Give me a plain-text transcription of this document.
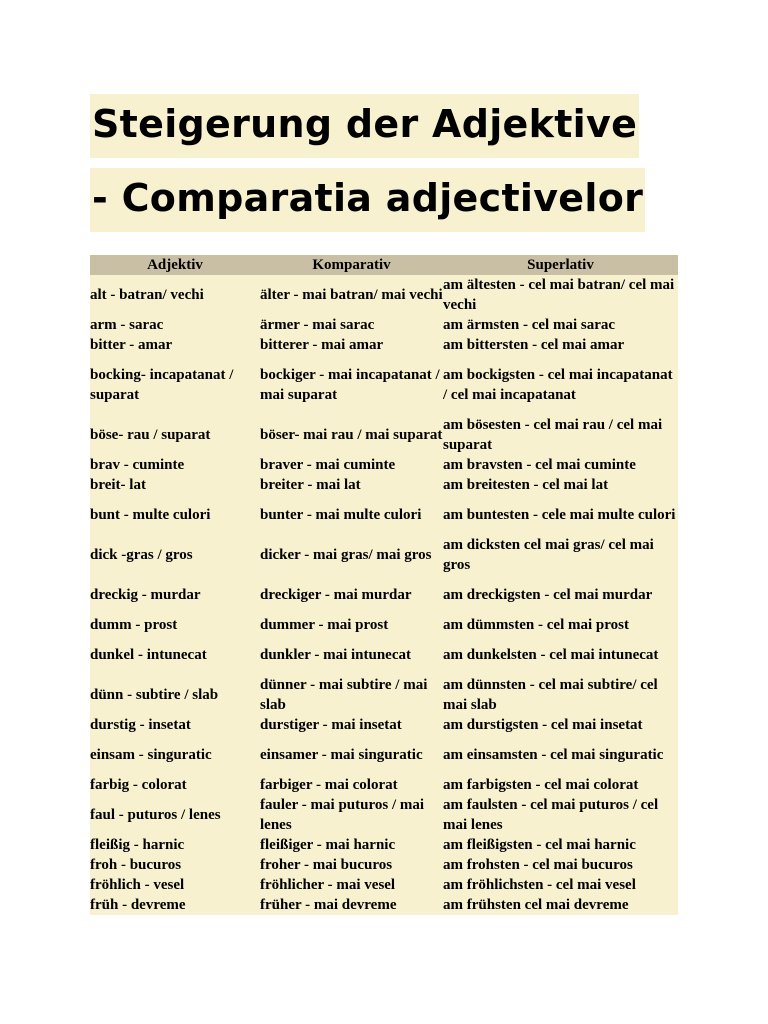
Steigerung der Adjektive
- Comparatia adjectivelor
Adjektiv	Komparativ	Superlativ
alt - batran/ vechi	älter - mai batran/ mai vechi	am ältesten - cel mai batran/ cel mai vechi
arm - sarac	ärmer - mai sarac	am ärmsten - cel mai sarac
bitter - amar	bitterer - mai amar	am bittersten - cel mai amar
bocking- incapatanat / suparat	bockiger - mai incapatanat / mai suparat	am bockigsten - cel mai incapatanat / cel mai incapatanat
böse- rau / suparat	böser- mai rau / mai suparat	am bösesten - cel mai rau / cel mai suparat
brav - cuminte	braver - mai cuminte	am bravsten - cel mai cuminte
breit- lat	breiter - mai lat	am breitesten - cel mai lat
bunt - multe culori	bunter - mai multe culori	am buntesten - cele mai multe culori
dick -gras / gros	dicker - mai gras/ mai gros	am dicksten cel mai gras/ cel mai gros
dreckig - murdar	dreckiger - mai murdar	am dreckigsten - cel mai murdar
dumm - prost	dummer - mai prost	am dümmsten - cel mai prost
dunkel - intunecat	dunkler - mai intunecat	am dunkelsten - cel mai intunecat
dünn - subtire / slab	dünner - mai subtire / mai slab	am dünnsten - cel mai subtire/ cel mai slab
durstig - insetat	durstiger - mai insetat	am durstigsten - cel mai insetat
einsam - singuratic	einsamer - mai singuratic	am einsamsten - cel mai singuratic
farbig - colorat	farbiger - mai colorat	am farbigsten - cel mai colorat
faul - puturos / lenes	fauler - mai puturos / mai lenes	am faulsten - cel mai puturos / cel mai lenes
fleißig - harnic	fleißiger - mai harnic	am fleißigsten - cel mai harnic
froh - bucuros	froher - mai bucuros	am frohsten - cel mai bucuros
fröhlich - vesel	fröhlicher - mai vesel	am fröhlichsten - cel mai vesel
früh - devreme	früher - mai devreme	am frühsten cel mai devreme
